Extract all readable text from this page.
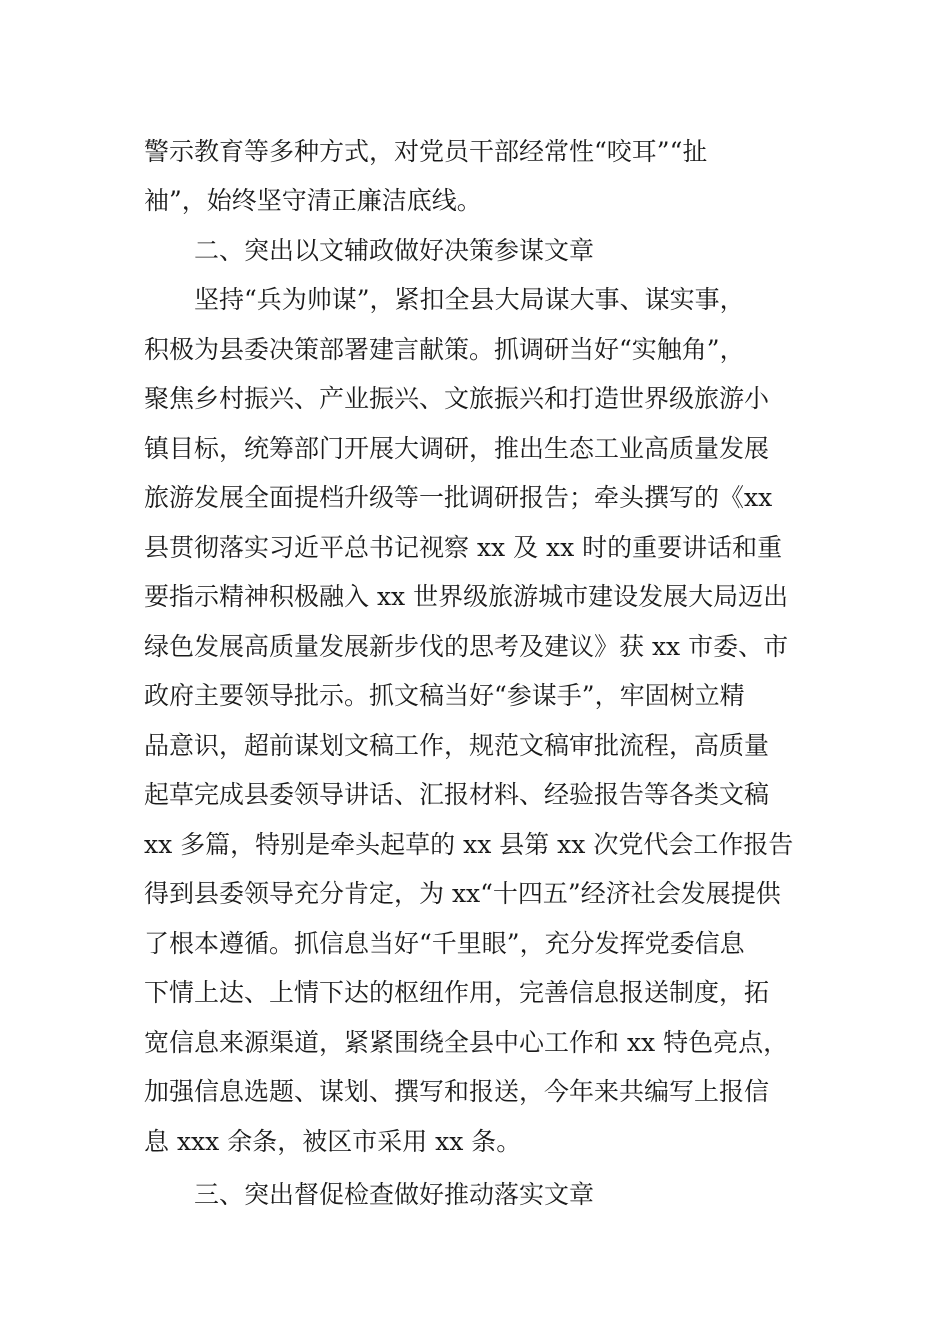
警示教育等多种方式，对党员干部经常性“咬耳”“扯
袖”，始终坚守清正廉洁底线。
二、突出以文辅政做好决策参谋文章
坚持“兵为帅谋”，紧扣全县大局谋大事、谋实事，
积极为县委决策部署建言献策。抓调研当好“实触角”，
聚焦乡村振兴、产业振兴、文旅振兴和打造世界级旅游小
镇目标，统筹部门开展大调研，推出生态工业高质量发展
旅游发展全面提档升级等一批调研报告；牵头撰写的《xx
县贯彻落实习近平总书记视察 xx 及 xx 时的重要讲话和重
要指示精神积极融入 xx 世界级旅游城市建设发展大局迈出
绿色发展高质量发展新步伐的思考及建议》获 xx 市委、市
政府主要领导批示。抓文稿当好“参谋手”，牢固树立精
品意识，超前谋划文稿工作，规范文稿审批流程，高质量
起草完成县委领导讲话、汇报材料、经验报告等各类文稿
xx 多篇，特别是牵头起草的 xx 县第 xx 次党代会工作报告
得到县委领导充分肯定，为 xx“十四五”经济社会发展提供
了根本遵循。抓信息当好“千里眼”，充分发挥党委信息
下情上达、上情下达的枢纽作用，完善信息报送制度，拓
宽信息来源渠道，紧紧围绕全县中心工作和 xx 特色亮点，
加强信息选题、谋划、撰写和报送，今年来共编写上报信
息 xxx 余条，被区市采用 xx 条。
三、突出督促检查做好推动落实文章
